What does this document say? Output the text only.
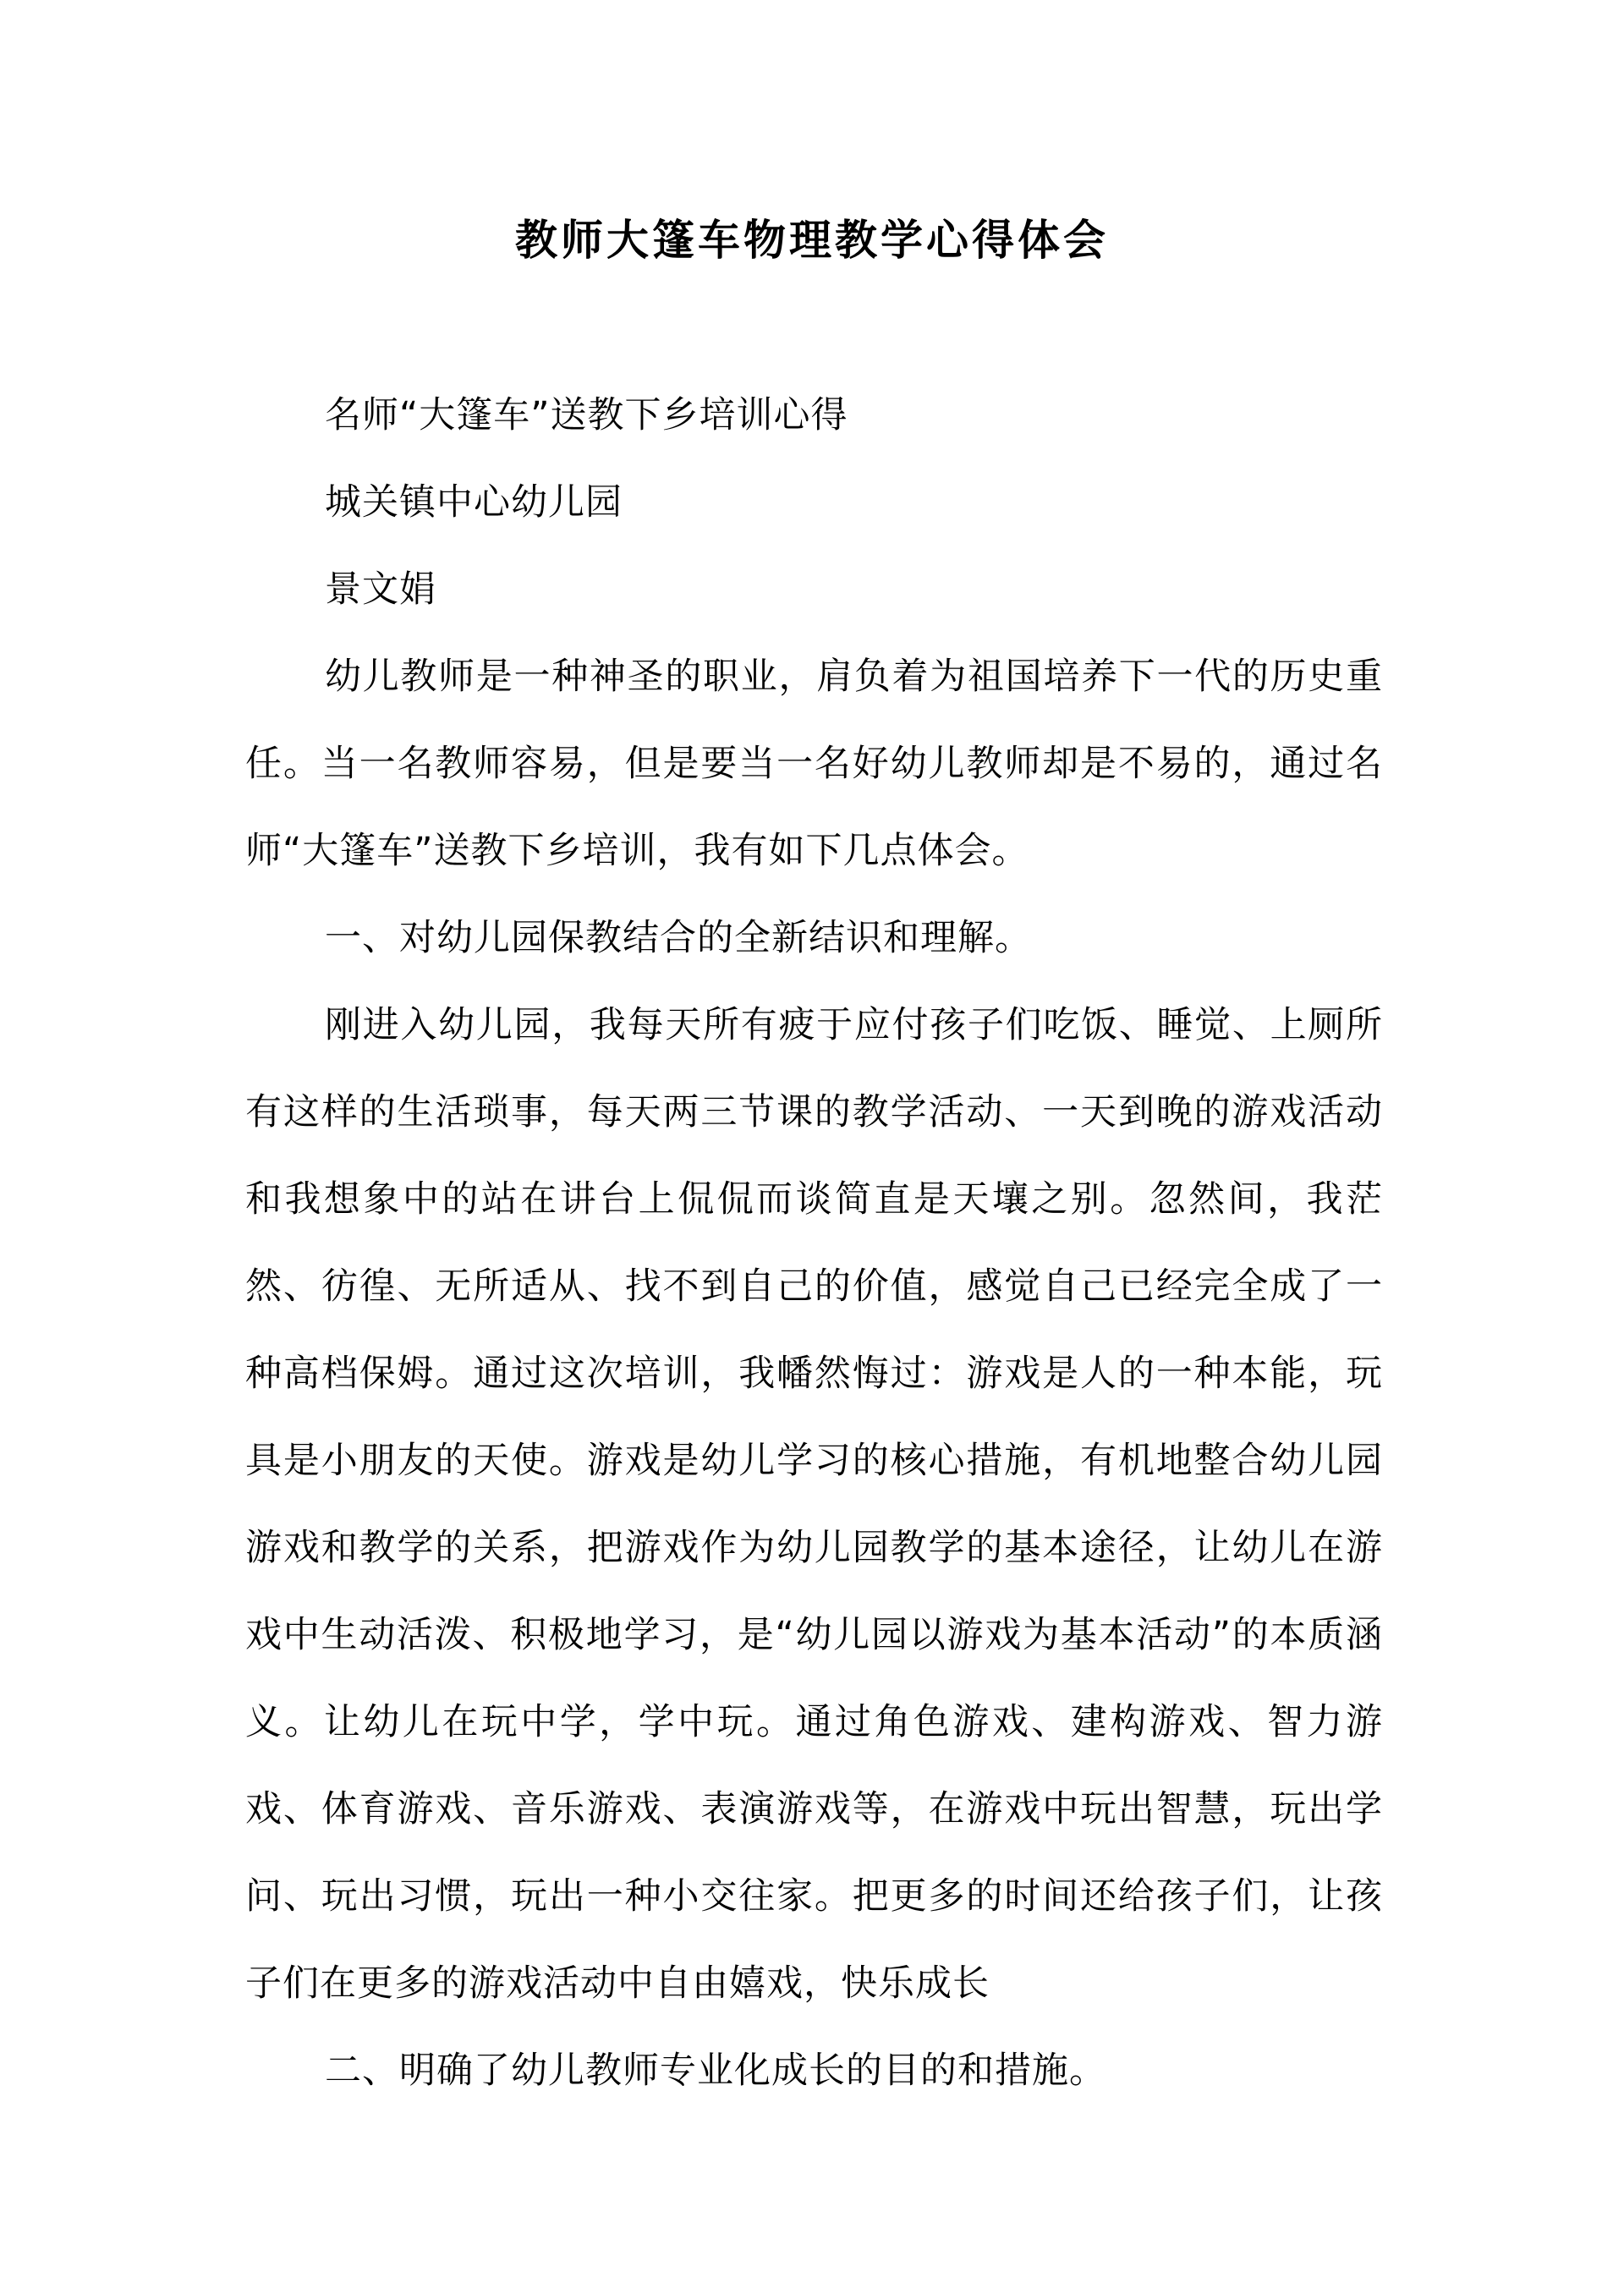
教师大篷车物理教学心得体会

名师“大篷车”送教下乡培训心得

城关镇中心幼儿园

景文娟

幼儿教师是一种神圣的职业，肩负着为祖国培养下一代的历史重任。当一名教师容易，但是要当一名好幼儿教师却是不易的，通过名师“大篷车”送教下乡培训，我有如下几点体会。

一、对幼儿园保教结合的全新结识和理解。

刚进入幼儿园，我每天所有疲于应付孩子们吃饭、睡觉、上厕所有这样的生活琐事，每天两三节课的教学活动、一天到晚的游戏活动和我想象中的站在讲台上侃侃而谈简直是天壤之别。忽然间，我茫然、彷徨、无所适从、找不到自己的价值，感觉自己已经完全成了一种高档保姆。通过这次培训，我幡然悔过：游戏是人的一种本能，玩具是小朋友的天使。游戏是幼儿学习的核心措施，有机地整合幼儿园游戏和教学的关系，把游戏作为幼儿园教学的基本途径，让幼儿在游戏中生动活泼、积极地学习，是“幼儿园以游戏为基本活动”的本质涵义。让幼儿在玩中学，学中玩。通过角色游戏、建构游戏、智力游戏、体育游戏、音乐游戏、表演游戏等，在游戏中玩出智慧，玩出学问、玩出习惯，玩出一种小交往家。把更多的时间还给孩子们，让孩子们在更多的游戏活动中自由嬉戏，快乐成长

二、明确了幼儿教师专业化成长的目的和措施。
